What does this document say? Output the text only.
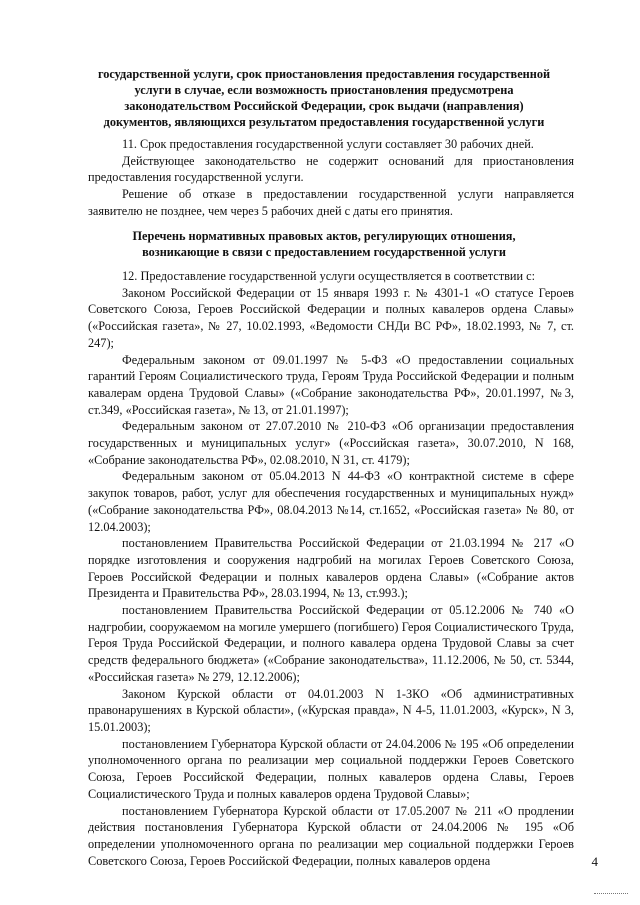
государственной услуги, срок приостановления предоставления государственной
услуги в случае, если возможность приостановления предусмотрена
законодательством Российской Федерации, срок выдачи (направления)
документов, являющихся результатом предоставления государственной услуги

11. Срок предоставления государственной услуги составляет 30 рабочих дней.

Действующее законодательство не содержит оснований для приостановления предоставления государственной услуги.

Решение об отказе в предоставлении государственной услуги направляется заявителю не позднее, чем через 5 рабочих дней с даты его принятия.

Перечень нормативных правовых актов, регулирующих отношения,
возникающие в связи с предоставлением государственной услуги

12. Предоставление государственной услуги осуществляется в соответствии с:

Законом Российской Федерации от 15 января 1993 г. № 4301-1 «О статусе Героев Советского Союза, Героев Российской Федерации и полных кавалеров ордена Славы» («Российская газета», № 27, 10.02.1993, «Ведомости СНДи ВС РФ», 18.02.1993, № 7, ст. 247);

Федеральным законом от 09.01.1997 № 5-ФЗ «О предоставлении социальных гарантий Героям Социалистического труда, Героям Труда Российской Федерации и полным кавалерам ордена Трудовой Славы» («Собрание законодательства РФ», 20.01.1997, №3, ст.349, «Российская газета», № 13, от 21.01.1997);

Федеральным законом от 27.07.2010 № 210-ФЗ «Об организации предоставления государственных и муниципальных услуг» («Российская газета», 30.07.2010, N 168, «Собрание законодательства РФ», 02.08.2010, N 31, ст. 4179);

Федеральным законом от 05.04.2013 N 44-ФЗ «О контрактной системе в сфере закупок товаров, работ, услуг для обеспечения государственных и муниципальных нужд» («Собрание законодательства РФ», 08.04.2013 №14, ст.1652, «Российская газета» № 80, от 12.04.2003);

постановлением Правительства Российской Федерации от 21.03.1994 № 217 «О порядке изготовления и сооружения надгробий на могилах Героев Советского Союза, Героев Российской Федерации и полных кавалеров ордена Славы» («Собрание актов Президента и Правительства РФ», 28.03.1994, № 13, ст.993.);

постановлением Правительства Российской Федерации от 05.12.2006 № 740 «О надгробии, сооружаемом на могиле умершего (погибшего) Героя Социалистического Труда, Героя Труда Российской Федерации, и полного кавалера ордена Трудовой Славы за счет средств федерального бюджета» («Собрание законодательства», 11.12.2006, № 50, ст. 5344, «Российская газета» № 279, 12.12.2006);

Законом Курской области от 04.01.2003 N 1-ЗКО «Об административных правонарушениях в Курской области», («Курская правда», N 4-5, 11.01.2003, «Курск», N 3, 15.01.2003);

постановлением Губернатора Курской области от 24.04.2006 № 195 «Об определении уполномоченного органа по реализации мер социальной поддержки Героев Советского Союза, Героев Российской Федерации, полных кавалеров ордена Славы, Героев Социалистического Труда и полных кавалеров ордена Трудовой Славы»;

постановлением Губернатора Курской области от 17.05.2007 № 211 «О продлении действия постановления Губернатора Курской области от 24.04.2006 № 195 «Об определении уполномоченного органа по реализации мер социальной поддержки Героев Советского Союза, Героев Российской Федерации, полных кавалеров ордена	4
